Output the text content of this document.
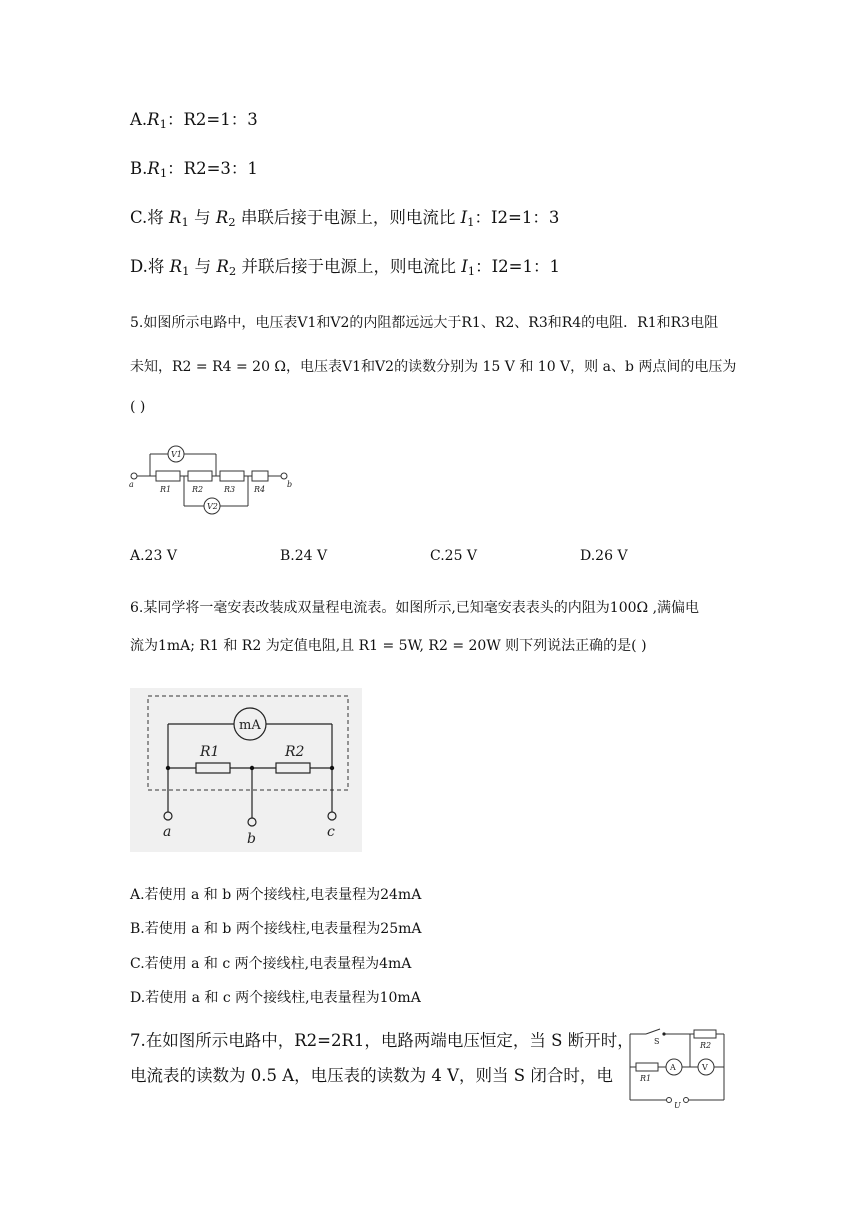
$A.R_1$：R2=1：3
$B.R_1$：R2=3：1
C.将 $R_1$ 与 $R_2$ 串联后接于电源上，则电流比 $I_1$：I2=1：3
D.将 $R_1$ 与 $R_2$ 并联后接于电源上，则电流比 $I_1$：I2=1：1
5.如图所示电路中，电压表V1和V2的内阻都远远大于R1、R2、R3和R4的电阻．R1和R3电阻
未知，R2 = R4 = 20 Ω，电压表V1和V2的读数分别为 15 V 和 10 V，则 a、b 两点间的电压为
( )
V1
V2
R1	R2	R3 R4
a	b
A.23 V	B.24 V	C.25 V	D.26 V
6.某同学将一毫安表改装成双量程电流表。如图所示,已知毫安表表头的内阻为100Ω ,满偏电
流为1mA; R1 和 R2 为定值电阻,且 R1 = 5W, R2 = 20W 则下列说法正确的是( )
mA
R1	R2
a	b	c
A.若使用 a 和 b 两个接线柱,电表量程为24mA
B.若使用 a 和 b 两个接线柱,电表量程为25mA
C.若使用 a 和 c 两个接线柱,电表量程为4mA
D.若使用 a 和 c 两个接线柱,电表量程为10mA
7.在如图所示电路中，R2=2R1，电路两端电压恒定，当 S 断开时，
电流表的读数为 0.5 A，电压表的读数为 4 V，则当 S 闭合时，电
S	R2
R1
A	V
U
